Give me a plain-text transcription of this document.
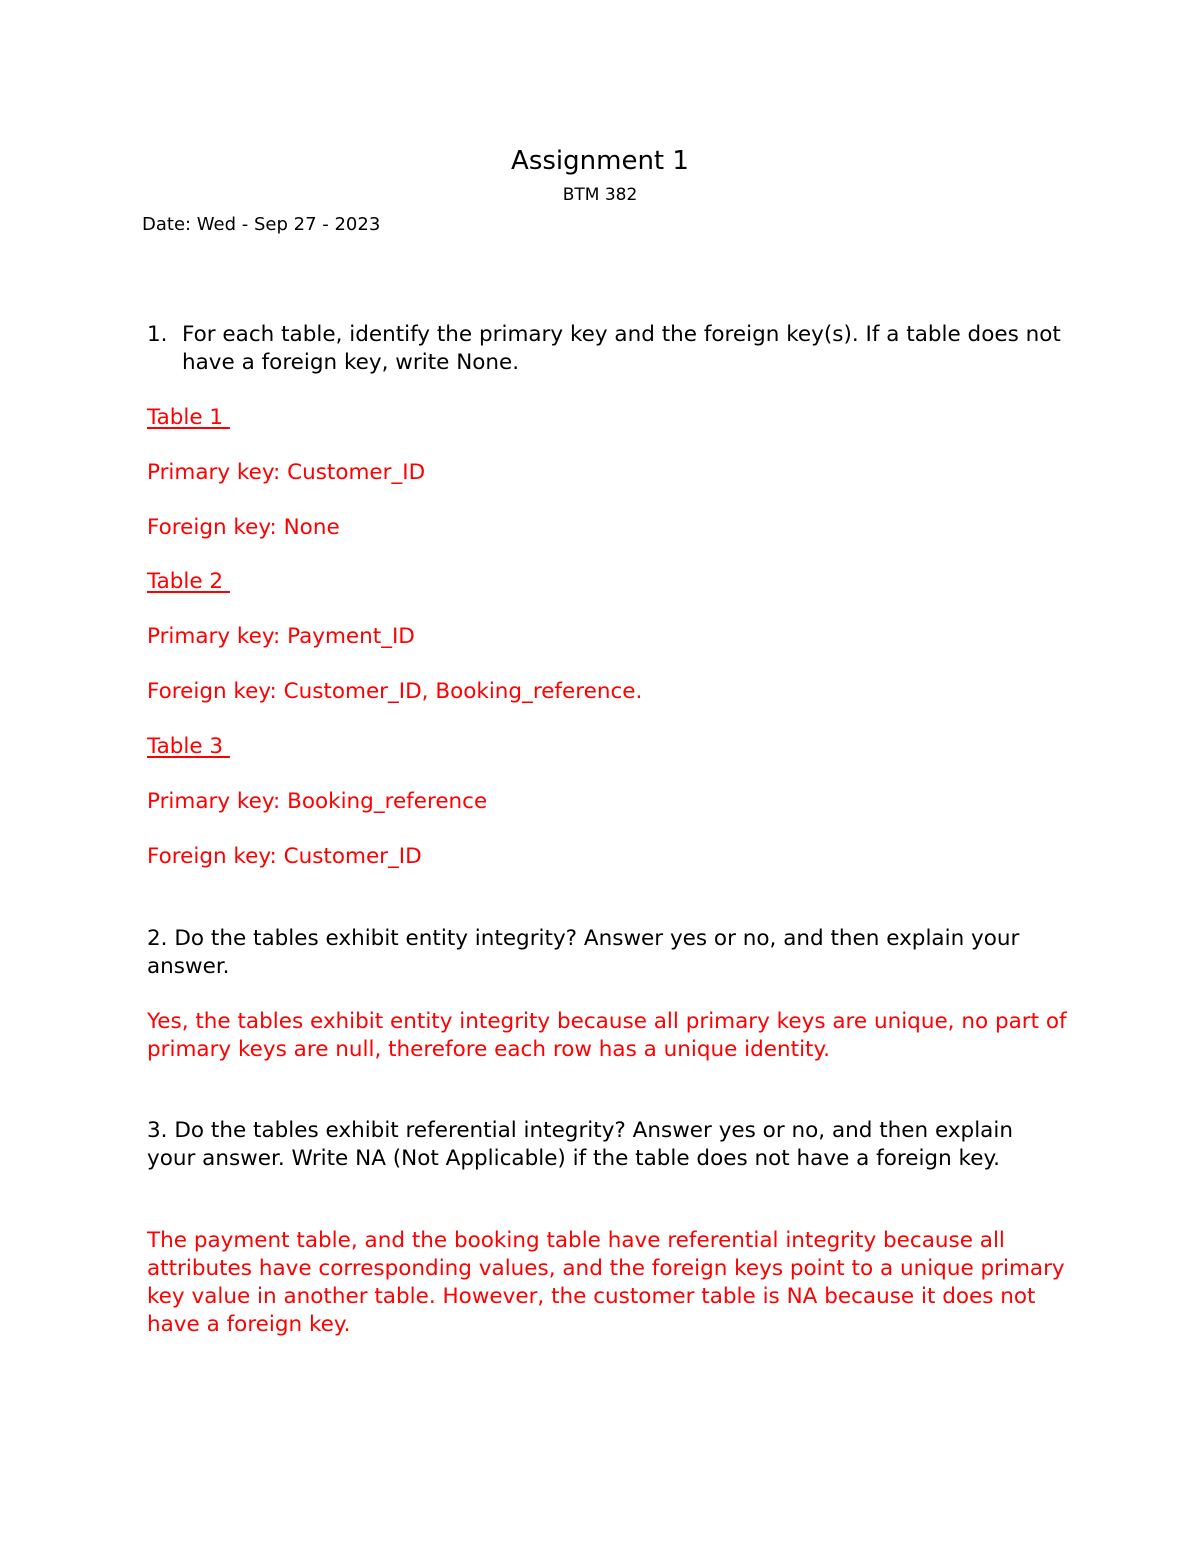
Assignment 1
BTM 382
Date: Wed - Sep 27 - 2023
1. For each table, identify the primary key and the foreign key(s). If a table does not have a foreign key, write None.

Table 1

Primary key: Customer_ID

Foreign key: None

Table 2

Primary key: Payment_ID

Foreign key: Customer_ID, Booking_reference.

Table 3

Primary key: Booking_reference

Foreign key: Customer_ID

2. Do the tables exhibit entity integrity? Answer yes or no, and then explain your answer.

Yes, the tables exhibit entity integrity because all primary keys are unique, no part of primary keys are null, therefore each row has a unique identity.

3. Do the tables exhibit referential integrity? Answer yes or no, and then explain your answer. Write NA (Not Applicable) if the table does not have a foreign key.

The payment table, and the booking table have referential integrity because all attributes have corresponding values, and the foreign keys point to a unique primary key value in another table. However, the customer table is NA because it does not have a foreign key.
